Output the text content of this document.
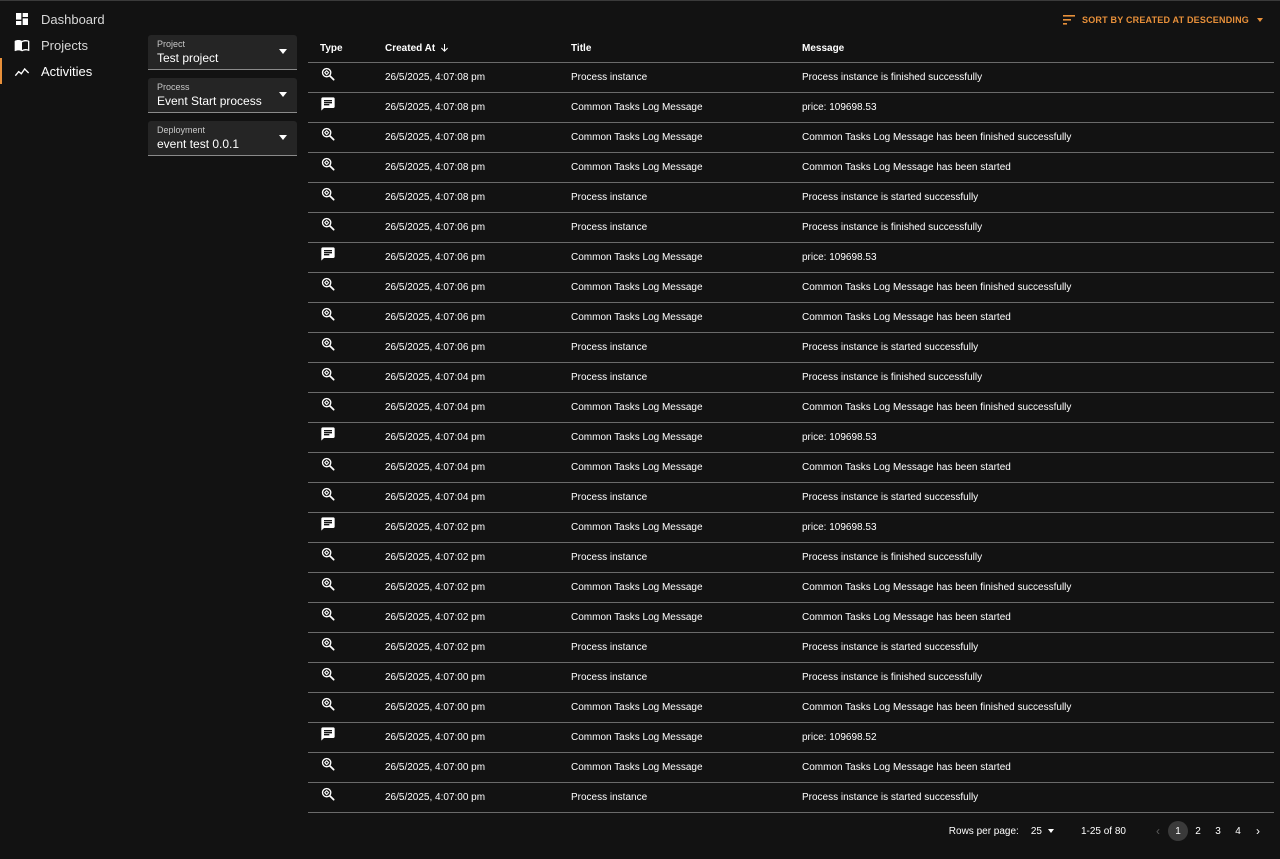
Dashboard
Projects
Activities
Project
Test project
Process
Event Start process
Deployment
event test 0.0.1
SORT BY CREATED AT DESCENDING
Type	Created At	Title	Message
26/5/2025, 4:07:08 pm	Process instance	Process instance is finished successfully
26/5/2025, 4:07:08 pm	Common Tasks Log Message	price: 109698.53
26/5/2025, 4:07:08 pm	Common Tasks Log Message	Common Tasks Log Message has been finished successfully
26/5/2025, 4:07:08 pm	Common Tasks Log Message	Common Tasks Log Message has been started
26/5/2025, 4:07:08 pm	Process instance	Process instance is started successfully
26/5/2025, 4:07:06 pm	Process instance	Process instance is finished successfully
26/5/2025, 4:07:06 pm	Common Tasks Log Message	price: 109698.53
26/5/2025, 4:07:06 pm	Common Tasks Log Message	Common Tasks Log Message has been finished successfully
26/5/2025, 4:07:06 pm	Common Tasks Log Message	Common Tasks Log Message has been started
26/5/2025, 4:07:06 pm	Process instance	Process instance is started successfully
26/5/2025, 4:07:04 pm	Process instance	Process instance is finished successfully
26/5/2025, 4:07:04 pm	Common Tasks Log Message	Common Tasks Log Message has been finished successfully
26/5/2025, 4:07:04 pm	Common Tasks Log Message	price: 109698.53
26/5/2025, 4:07:04 pm	Common Tasks Log Message	Common Tasks Log Message has been started
26/5/2025, 4:07:04 pm	Process instance	Process instance is started successfully
26/5/2025, 4:07:02 pm	Common Tasks Log Message	price: 109698.53
26/5/2025, 4:07:02 pm	Process instance	Process instance is finished successfully
26/5/2025, 4:07:02 pm	Common Tasks Log Message	Common Tasks Log Message has been finished successfully
26/5/2025, 4:07:02 pm	Common Tasks Log Message	Common Tasks Log Message has been started
26/5/2025, 4:07:02 pm	Process instance	Process instance is started successfully
26/5/2025, 4:07:00 pm	Process instance	Process instance is finished successfully
26/5/2025, 4:07:00 pm	Common Tasks Log Message	Common Tasks Log Message has been finished successfully
26/5/2025, 4:07:00 pm	Common Tasks Log Message	price: 109698.52
26/5/2025, 4:07:00 pm	Common Tasks Log Message	Common Tasks Log Message has been started
26/5/2025, 4:07:00 pm	Process instance	Process instance is started successfully
Rows per page: 25	1-25 of 80	‹	1	2	3	4	›
